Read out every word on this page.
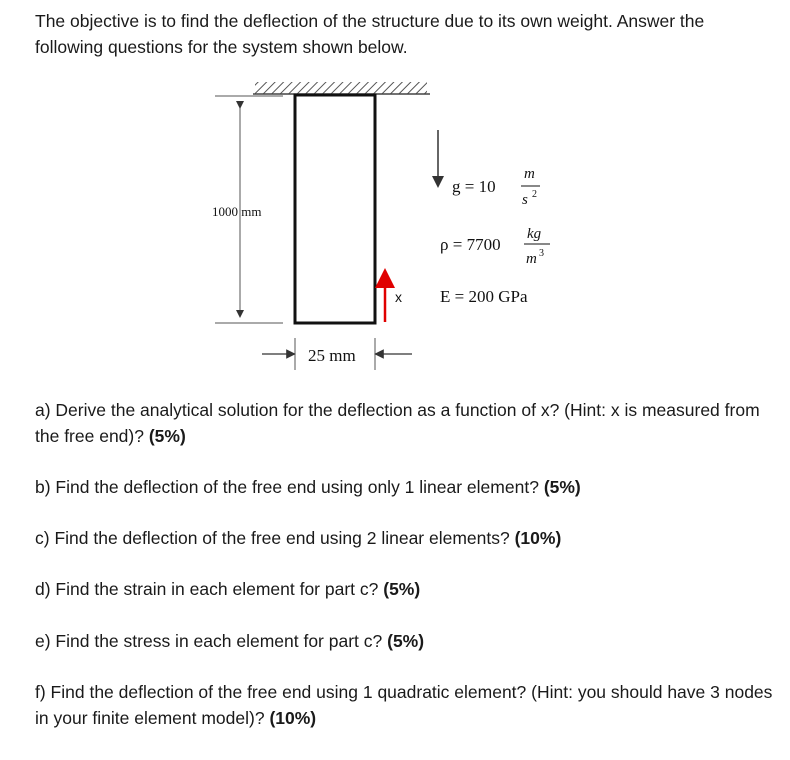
The objective is to find the deflection of the structure due to its own weight. Answer the following questions for the system shown below.

1000 mm
25 mm
x
g = 10
m
s 2
ρ = 7700
kg
m 3
E = 200 GPa

a) Derive the analytical solution for the deflection as a function of x? (Hint: x is measured from the free end)? (5%)

b) Find the deflection of the free end using only 1 linear element? (5%)

c) Find the deflection of the free end using 2 linear elements? (10%)

d) Find the strain in each element for part c? (5%)

e) Find the stress in each element for part c? (5%)

f) Find the deflection of the free end using 1 quadratic element? (Hint: you should have 3 nodes in your finite element model)? (10%)
